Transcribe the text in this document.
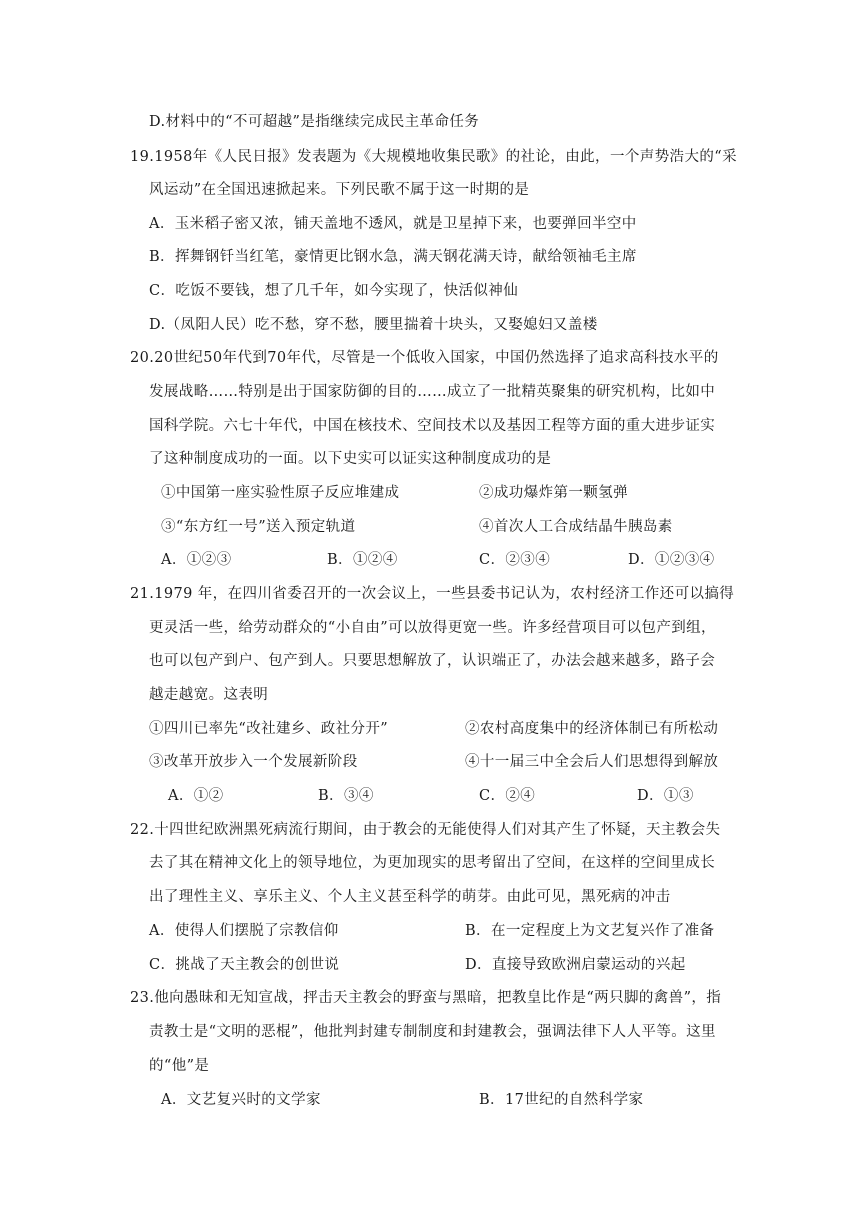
D.材料中的“不可超越”是指继续完成民主革命任务
19.1958年《人民日报》发表题为《大规模地收集民歌》的社论，由此，一个声势浩大的“采
风运动”在全国迅速掀起来。下列民歌不属于这一时期的是
A．玉米稻子密又浓，铺天盖地不透风，就是卫星掉下来，也要弹回半空中
B．挥舞钢钎当红笔，豪情更比钢水急，满天钢花满天诗，献给领袖毛主席
C．吃饭不要钱，想了几千年，如今实现了，快活似神仙
D.（凤阳人民）吃不愁，穿不愁，腰里揣着十块头，又娶媳妇又盖楼
20.20世纪50年代到70年代，尽管是一个低收入国家，中国仍然选择了追求高科技水平的
发展战略……特别是出于国家防御的目的……成立了一批精英聚集的研究机构，比如中
国科学院。六七十年代，中国在核技术、空间技术以及基因工程等方面的重大进步证实
了这种制度成功的一面。以下史实可以证实这种制度成功的是
①中国第一座实验性原子反应堆建成	②成功爆炸第一颗氢弹
③“东方红一号”送入预定轨道	④首次人工合成结晶牛胰岛素
A．①②③	B．①②④	C．②③④	D．①②③④
21.1979 年，在四川省委召开的一次会议上，一些县委书记认为，农村经济工作还可以搞得
更灵活一些，给劳动群众的“小自由”可以放得更宽一些。许多经营项目可以包产到组，
也可以包产到户、包产到人。只要思想解放了，认识端正了，办法会越来越多，路子会
越走越宽。这表明
①四川已率先“改社建乡、政社分开”	②农村高度集中的经济体制已有所松动
③改革开放步入一个发展新阶段	④十一届三中全会后人们思想得到解放
A．①②	B．③④	C．②④	D．①③
22.十四世纪欧洲黑死病流行期间，由于教会的无能使得人们对其产生了怀疑，天主教会失
去了其在精神文化上的领导地位，为更加现实的思考留出了空间，在这样的空间里成长
出了理性主义、享乐主义、个人主义甚至科学的萌芽。由此可见，黑死病的冲击
A．使得人们摆脱了宗教信仰	B．在一定程度上为文艺复兴作了准备
C．挑战了天主教会的创世说	D．直接导致欧洲启蒙运动的兴起
23.他向愚昧和无知宣战，抨击天主教会的野蛮与黑暗，把教皇比作是“两只脚的禽兽”，指
责教士是“文明的恶棍”，他批判封建专制制度和封建教会，强调法律下人人平等。这里
的“他”是
A．文艺复兴时的文学家	B．17世纪的自然科学家
